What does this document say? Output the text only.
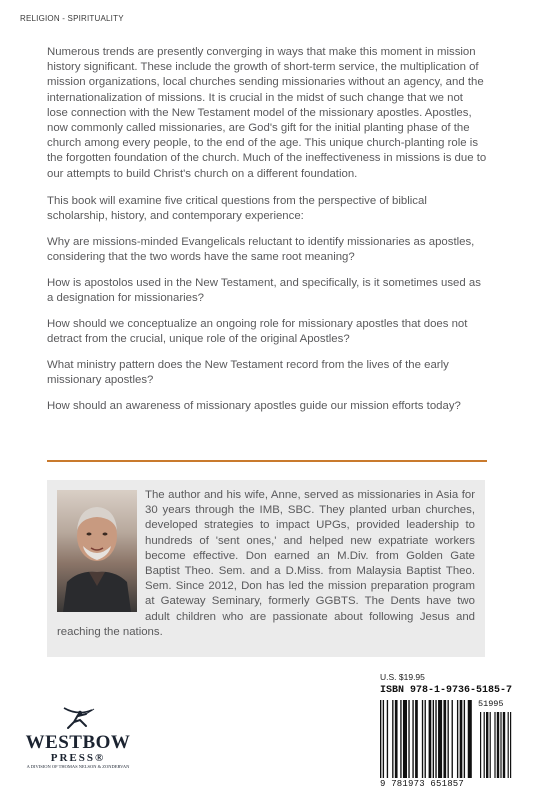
RELIGION - SPIRITUALITY

Numerous trends are presently converging in ways that make this moment in mission history significant. These include the growth of short-term service, the multiplication of mission organizations, local churches sending missionaries without an agency, and the internationalization of missions. It is crucial in the midst of such change that we not lose connection with the New Testament model of the missionary apostles. Apostles, now commonly called missionaries, are God's gift for the initial planting phase of the church among every people, to the end of the age. This unique church-planting role is the forgotten foundation of the church. Much of the ineffectiveness in missions is due to our attempts to build Christ's church on a different foundation.

This book will examine five critical questions from the perspective of biblical scholarship, history, and contemporary experience:

Why are missions-minded Evangelicals reluctant to identify missionaries as apostles, considering that the two words have the same root meaning?

How is apostolos used in the New Testament, and specifically, is it sometimes used as a designation for missionaries?

How should we conceptualize an ongoing role for missionary apostles that does not detract from the crucial, unique role of the original Apostles?

What ministry pattern does the New Testament record from the lives of the early missionary apostles?

How should an awareness of missionary apostles guide our mission efforts today?

The author and his wife, Anne, served as missionaries in Asia for 30 years through the IMB, SBC. They planted urban churches, developed strategies to impact UPGs, provided leadership to hundreds of 'sent ones,' and helped new expatriate workers become effective. Don earned an M.Div. from Golden Gate Baptist Theo. Sem. and a D.Miss. from Malaysia Baptist Theo. Sem. Since 2012, Don has led the mission preparation program at Gateway Seminary, formerly GGBTS. The Dents have two adult children who are passionate about following Jesus and reaching the nations.
WESTBOW
PRESS®
A DIVISION OF THOMAS NELSON & ZONDERVAN
U.S. $19.95
ISBN 978-1-9736-5185-7
51995
9 781973 651857
